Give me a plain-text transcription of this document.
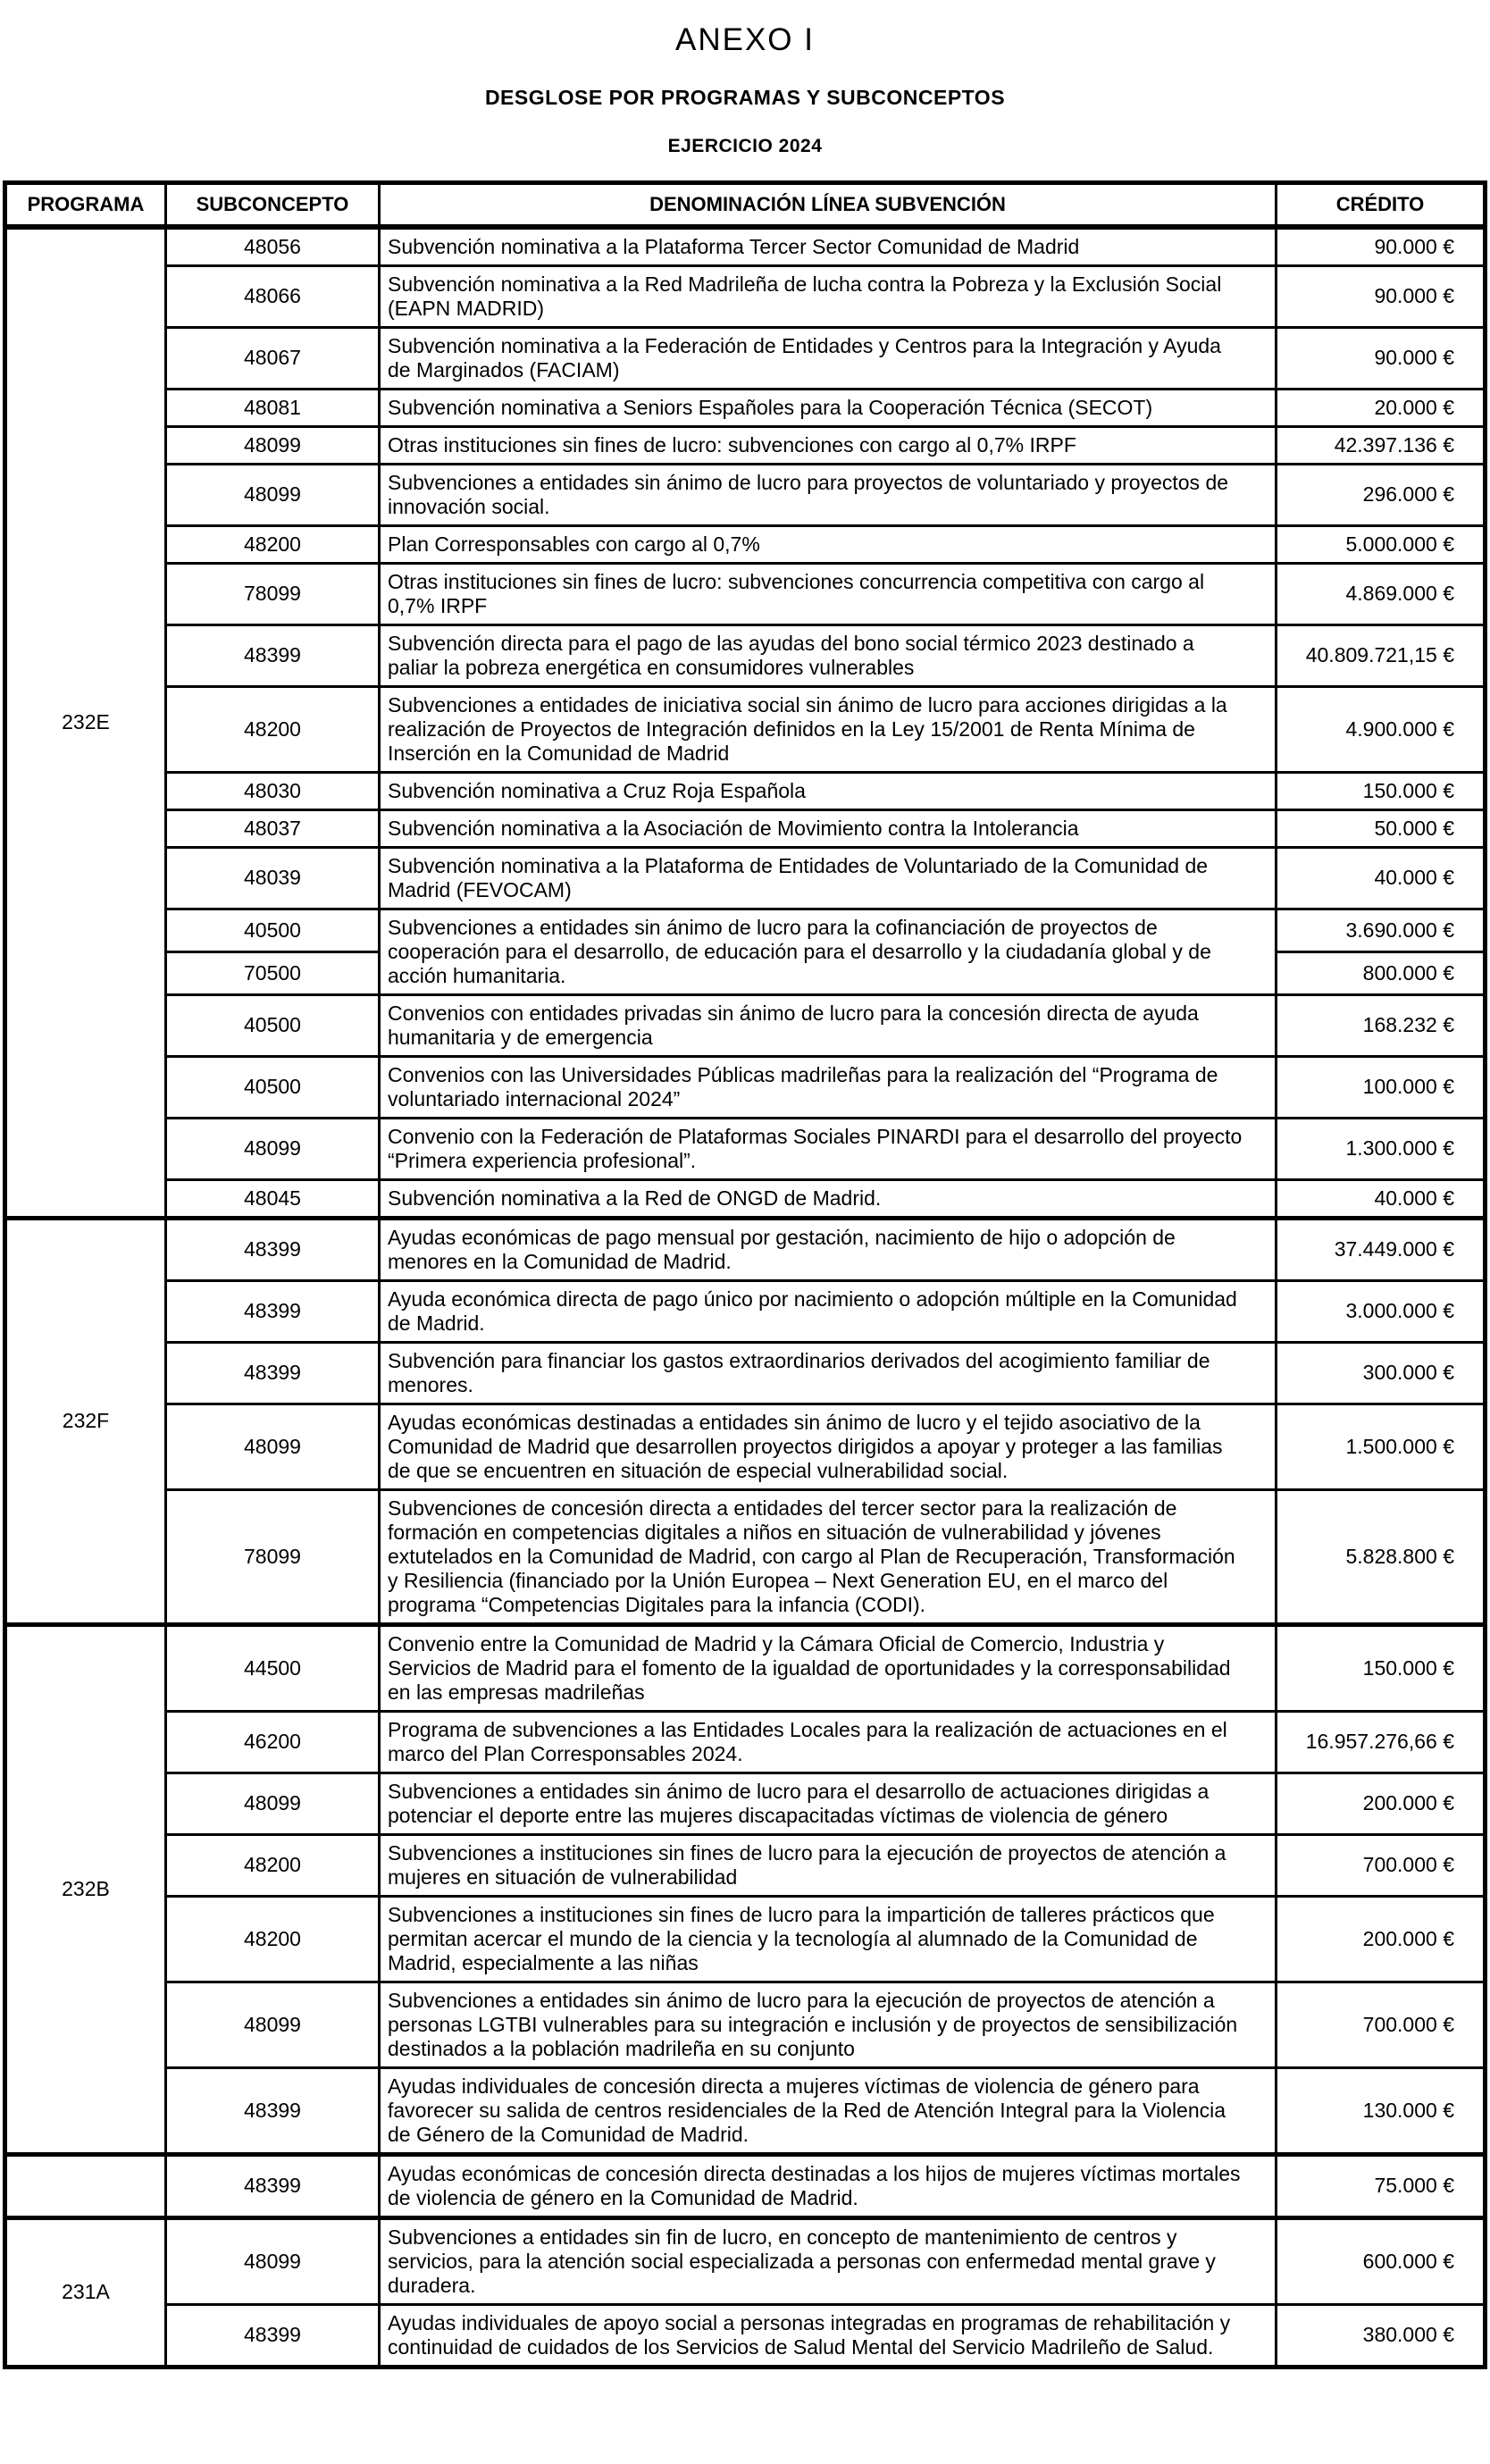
ANEXO I
DESGLOSE POR PROGRAMAS Y SUBCONCEPTOS
EJERCICIO 2024
PROGRAMA	SUBCONCEPTO	DENOMINACIÓN LÍNEA SUBVENCIÓN	CRÉDITO
232E	48056	Subvención nominativa a la Plataforma Tercer Sector Comunidad de Madrid	90.000 €
	48066	Subvención nominativa a la Red Madrileña de lucha contra la Pobreza y la Exclusión Social (EAPN MADRID)	90.000 €
	48067	Subvención nominativa a la Federación de Entidades y Centros para la Integración y Ayuda de Marginados (FACIAM)	90.000 €
	48081	Subvención nominativa a Seniors Españoles para la Cooperación Técnica (SECOT)	20.000 €
	48099	Otras instituciones sin fines de lucro: subvenciones con cargo al 0,7% IRPF	42.397.136 €
	48099	Subvenciones a entidades sin ánimo de lucro para proyectos de voluntariado y proyectos de innovación social.	296.000 €
	48200	Plan Corresponsables con cargo al 0,7%	5.000.000 €
	78099	Otras instituciones sin fines de lucro: subvenciones concurrencia competitiva con cargo al 0,7% IRPF	4.869.000 €
	48399	Subvención directa para el pago de las ayudas del bono social térmico 2023 destinado a paliar la pobreza energética en consumidores vulnerables	40.809.721,15 €
	48200	Subvenciones a entidades de iniciativa social sin ánimo de lucro para acciones dirigidas a la realización de Proyectos de Integración definidos en la Ley 15/2001 de Renta Mínima de Inserción en la Comunidad de Madrid	4.900.000 €
	48030	Subvención nominativa a Cruz Roja Española	150.000 €
	48037	Subvención nominativa a la Asociación de Movimiento contra la Intolerancia	50.000 €
	48039	Subvención nominativa a la Plataforma de Entidades de Voluntariado de la Comunidad de Madrid (FEVOCAM)	40.000 €
	40500	Subvenciones a entidades sin ánimo de lucro para la cofinanciación de proyectos de cooperación para el desarrollo, de educación para el desarrollo y la ciudadanía global y de acción humanitaria.	3.690.000 €
	70500		800.000 €
	40500	Convenios con entidades privadas sin ánimo de lucro para la concesión directa de ayuda humanitaria y de emergencia	168.232 €
	40500	Convenios con las Universidades Públicas madrileñas para la realización del “Programa de voluntariado internacional 2024”	100.000 €
	48099	Convenio con la Federación de Plataformas Sociales PINARDI para el desarrollo del proyecto “Primera experiencia profesional”.	1.300.000 €
	48045	Subvención nominativa a la Red de ONGD de Madrid.	40.000 €
232F	48399	Ayudas económicas de pago mensual por gestación, nacimiento de hijo o adopción de menores en la Comunidad de Madrid.	37.449.000 €
	48399	Ayuda económica directa de pago único por nacimiento o adopción múltiple en la Comunidad de Madrid.	3.000.000 €
	48399	Subvención para financiar los gastos extraordinarios derivados del acogimiento familiar de menores.	300.000 €
	48099	Ayudas económicas destinadas a entidades sin ánimo de lucro y el tejido asociativo de la Comunidad de Madrid que desarrollen proyectos dirigidos a apoyar y proteger a las familias de que se encuentren en situación de especial vulnerabilidad social.	1.500.000 €
	78099	Subvenciones de concesión directa a entidades del tercer sector para la realización de formación en competencias digitales a niños en situación de vulnerabilidad y jóvenes extutelados en la Comunidad de Madrid, con cargo al Plan de Recuperación, Transformación y Resiliencia (financiado por la Unión Europea – Next Generation EU, en el marco del programa “Competencias Digitales para la infancia (CODI).	5.828.800 €
232B	44500	Convenio entre la Comunidad de Madrid y la Cámara Oficial de Comercio, Industria y Servicios de Madrid para el fomento de la igualdad de oportunidades y la corresponsabilidad en las empresas madrileñas	150.000 €
	46200	Programa de subvenciones a las Entidades Locales para la realización de actuaciones en el marco del Plan Corresponsables 2024.	16.957.276,66 €
	48099	Subvenciones a entidades sin ánimo de lucro para el desarrollo de actuaciones dirigidas a potenciar el deporte entre las mujeres discapacitadas víctimas de violencia de género	200.000 €
	48200	Subvenciones a instituciones sin fines de lucro para la ejecución de proyectos de atención a mujeres en situación de vulnerabilidad	700.000 €
	48200	Subvenciones a instituciones sin fines de lucro para la impartición de talleres prácticos que permitan acercar el mundo de la ciencia y la tecnología al alumnado de la Comunidad de Madrid, especialmente a las niñas	200.000 €
	48099	Subvenciones a entidades sin ánimo de lucro para la ejecución de proyectos de atención a personas LGTBI vulnerables para su integración e inclusión y de proyectos de sensibilización destinados a la población madrileña en su conjunto	700.000 €
	48399	Ayudas individuales de concesión directa a mujeres víctimas de violencia de género para favorecer su salida de centros residenciales de la Red de Atención Integral para la Violencia de Género de la Comunidad de Madrid.	130.000 €
	48399	Ayudas económicas de concesión directa destinadas a los hijos de mujeres víctimas mortales de violencia de género en la Comunidad de Madrid.	75.000 €
231A	48099	Subvenciones a entidades sin fin de lucro, en concepto de mantenimiento de centros y servicios, para la atención social especializada a personas con enfermedad mental grave y duradera.	600.000 €
	48399	Ayudas individuales de apoyo social a personas integradas en programas de rehabilitación y continuidad de cuidados de los Servicios de Salud Mental del Servicio Madrileño de Salud.	380.000 €
